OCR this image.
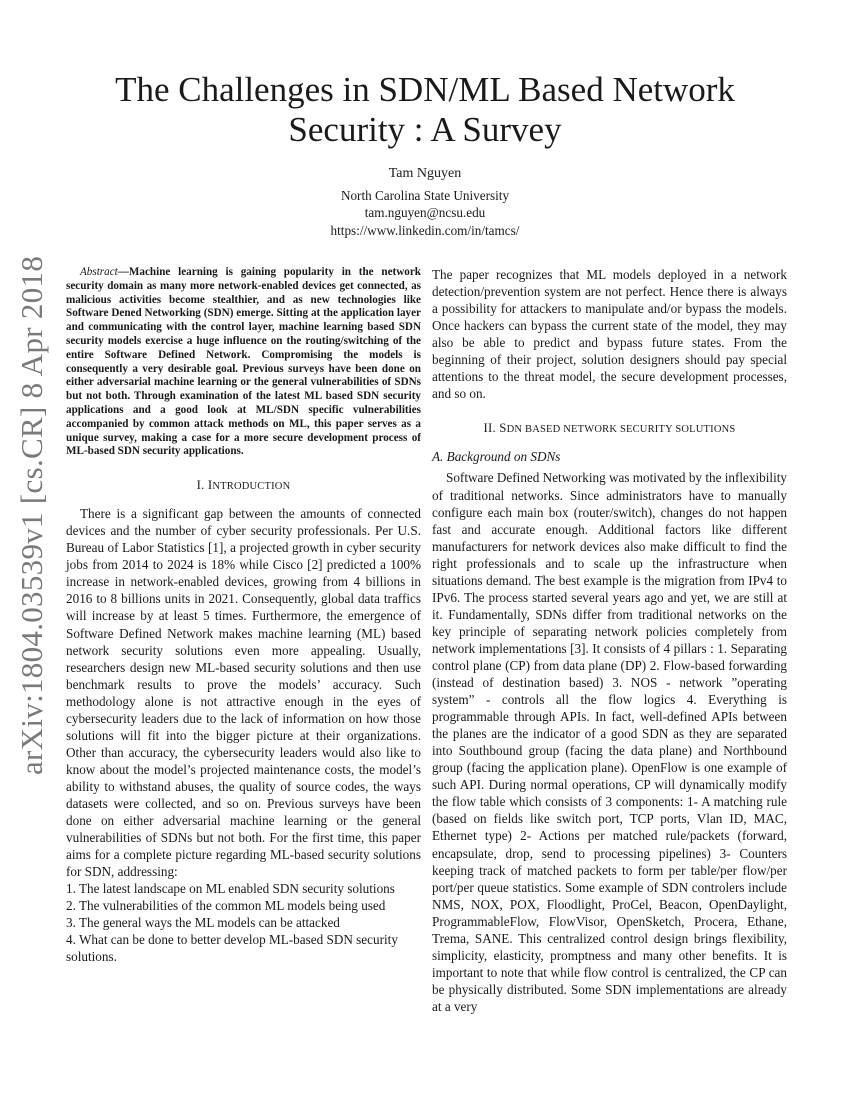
arXiv:1804.03539v1 [cs.CR] 8 Apr 2018
The Challenges in SDN/ML Based Network Security : A Survey
Tam Nguyen
North Carolina State University
tam.nguyen@ncsu.edu
https://www.linkedin.com/in/tamcs/

Abstract—Machine learning is gaining popularity in the network security domain as many more network-enabled devices get connected, as malicious activities become stealthier, and as new technologies like Software Dened Networking (SDN) emerge. Sitting at the application layer and communicating with the control layer, machine learning based SDN security models exercise a huge influence on the routing/switching of the entire Software Defined Network. Compromising the models is consequently a very desirable goal. Previous surveys have been done on either adversarial machine learning or the general vulnerabilities of SDNs but not both. Through examination of the latest ML based SDN security applications and a good look at ML/SDN specific vulnerabilities accompanied by common attack methods on ML, this paper serves as a unique survey, making a case for a more secure development process of ML-based SDN security applications.

I. INTRODUCTION

There is a significant gap between the amounts of connected devices and the number of cyber security professionals. Per U.S. Bureau of Labor Statistics [1], a projected growth in cyber security jobs from 2014 to 2024 is 18% while Cisco [2] predicted a 100% increase in network-enabled devices, growing from 4 billions in 2016 to 8 billions units in 2021. Consequently, global data traffics will increase by at least 5 times. Furthermore, the emergence of Software Defined Network makes machine learning (ML) based network security solutions even more appealing. Usually, researchers design new ML-based security solutions and then use benchmark results to prove the models’ accuracy. Such methodology alone is not attractive enough in the eyes of cybersecurity leaders due to the lack of information on how those solutions will fit into the bigger picture at their organizations. Other than accuracy, the cybersecurity leaders would also like to know about the model’s projected maintenance costs, the model’s ability to withstand abuses, the quality of source codes, the ways datasets were collected, and so on. Previous surveys have been done on either adversarial machine learning or the general vulnerabilities of SDNs but not both. For the first time, this paper aims for a complete picture regarding ML-based security solutions for SDN, addressing:

1. The latest landscape on ML enabled SDN security solutions
2. The vulnerabilities of the common ML models being used
3. The general ways the ML models can be attacked
4. What can be done to better develop ML-based SDN security solutions.

The paper recognizes that ML models deployed in a network detection/prevention system are not perfect. Hence there is always a possibility for attackers to manipulate and/or bypass the models. Once hackers can bypass the current state of the model, they may also be able to predict and bypass future states. From the beginning of their project, solution designers should pay special attentions to the threat model, the secure development processes, and so on.

II. SDN BASED NETWORK SECURITY SOLUTIONS
A. Background on SDNs

Software Defined Networking was motivated by the inflexibility of traditional networks. Since administrators have to manually configure each main box (router/switch), changes do not happen fast and accurate enough. Additional factors like different manufacturers for network devices also make difficult to find the right professionals and to scale up the infrastructure when situations demand. The best example is the migration from IPv4 to IPv6. The process started several years ago and yet, we are still at it. Fundamentally, SDNs differ from traditional networks on the key principle of separating network policies completely from network implementations [3]. It consists of 4 pillars : 1. Separating control plane (CP) from data plane (DP) 2. Flow-based forwarding (instead of destination based) 3. NOS - network ”operating system” - controls all the flow logics 4. Everything is programmable through APIs. In fact, well-defined APIs between the planes are the indicator of a good SDN as they are separated into Southbound group (facing the data plane) and Northbound group (facing the application plane). OpenFlow is one example of such API. During normal operations, CP will dynamically modify the flow table which consists of 3 components: 1- A matching rule (based on fields like switch port, TCP ports, Vlan ID, MAC, Ethernet type) 2- Actions per matched rule/packets (forward, encapsulate, drop, send to processing pipelines) 3- Counters keeping track of matched packets to form per table/per flow/per port/per queue statistics. Some example of SDN controlers include NMS, NOX, POX, Floodlight, ProCel, Beacon, OpenDaylight, ProgrammableFlow, FlowVisor, OpenSketch, Procera, Ethane, Trema, SANE. This centralized control design brings flexibility, simplicity, elasticity, promptness and many other benefits. It is important to note that while flow control is centralized, the CP can be physically distributed. Some SDN implementations are already at a very
